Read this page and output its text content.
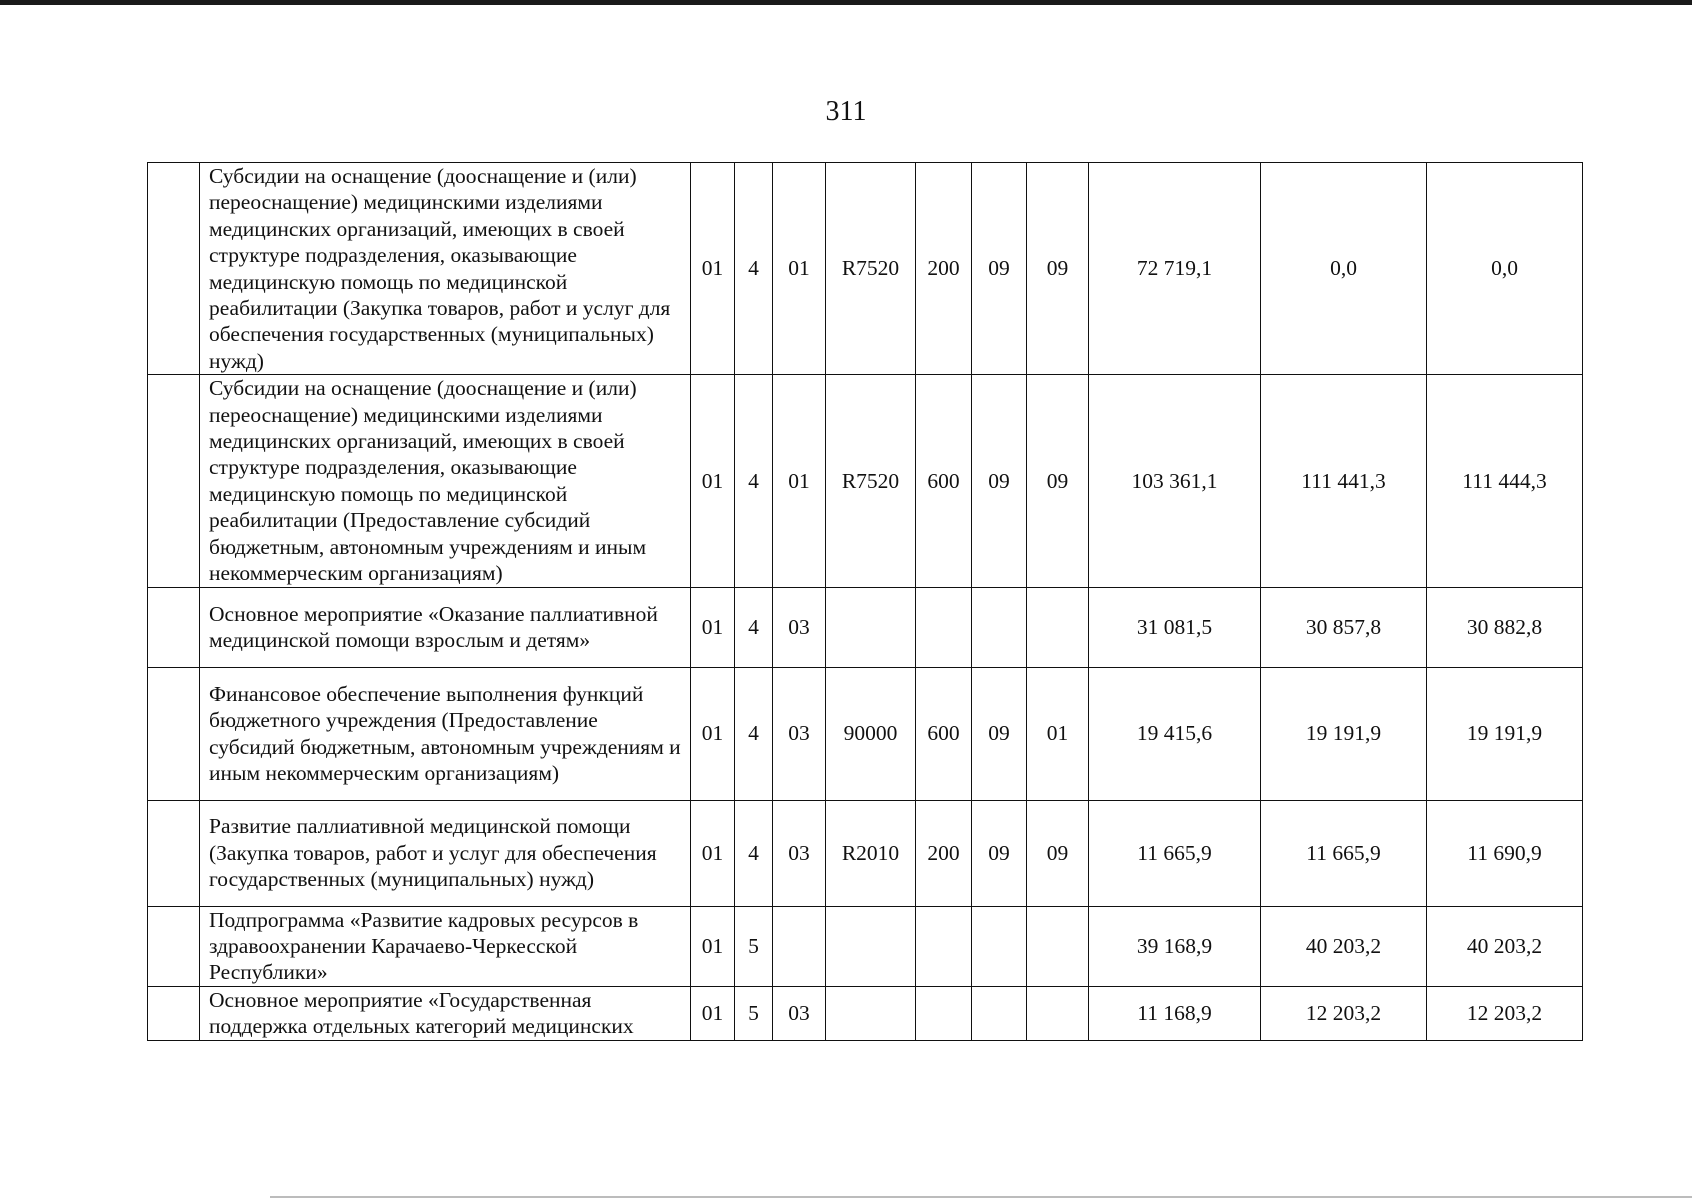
311
	Субсидии на оснащение (дооснащение и (или) переоснащение) медицинскими изделиями медицинских организаций, имеющих в своей структуре подразделения, оказывающие медицинскую помощь по медицинской реабилитации (Закупка товаров, работ и услуг для обеспечения государственных (муниципальных) нужд)	01	4	01	R7520	200	09	09	72 719,1	0,0	0,0
	Субсидии на оснащение (дооснащение и (или) переоснащение) медицинскими изделиями медицинских организаций, имеющих в своей структуре подразделения, оказывающие медицинскую помощь по медицинской реабилитации (Предоставление субсидий бюджетным, автономным учреждениям и иным некоммерческим организациям)	01	4	01	R7520	600	09	09	103 361,1	111 441,3	111 444,3
	Основное мероприятие «Оказание паллиативной медицинской помощи взрослым и детям»	01	4	03					31 081,5	30 857,8	30 882,8
	Финансовое обеспечение выполнения функций бюджетного учреждения (Предоставление субсидий бюджетным, автономным учреждениям и иным некоммерческим организациям)	01	4	03	90000	600	09	01	19 415,6	19 191,9	19 191,9
	Развитие паллиативной медицинской помощи (Закупка товаров, работ и услуг для обеспечения государственных (муниципальных) нужд)	01	4	03	R2010	200	09	09	11 665,9	11 665,9	11 690,9
	Подпрограмма «Развитие кадровых ресурсов в здравоохранении Карачаево-Черкесской Республики»	01	5						39 168,9	40 203,2	40 203,2
	Основное мероприятие «Государственная поддержка отдельных категорий медицинских	01	5	03					11 168,9	12 203,2	12 203,2
